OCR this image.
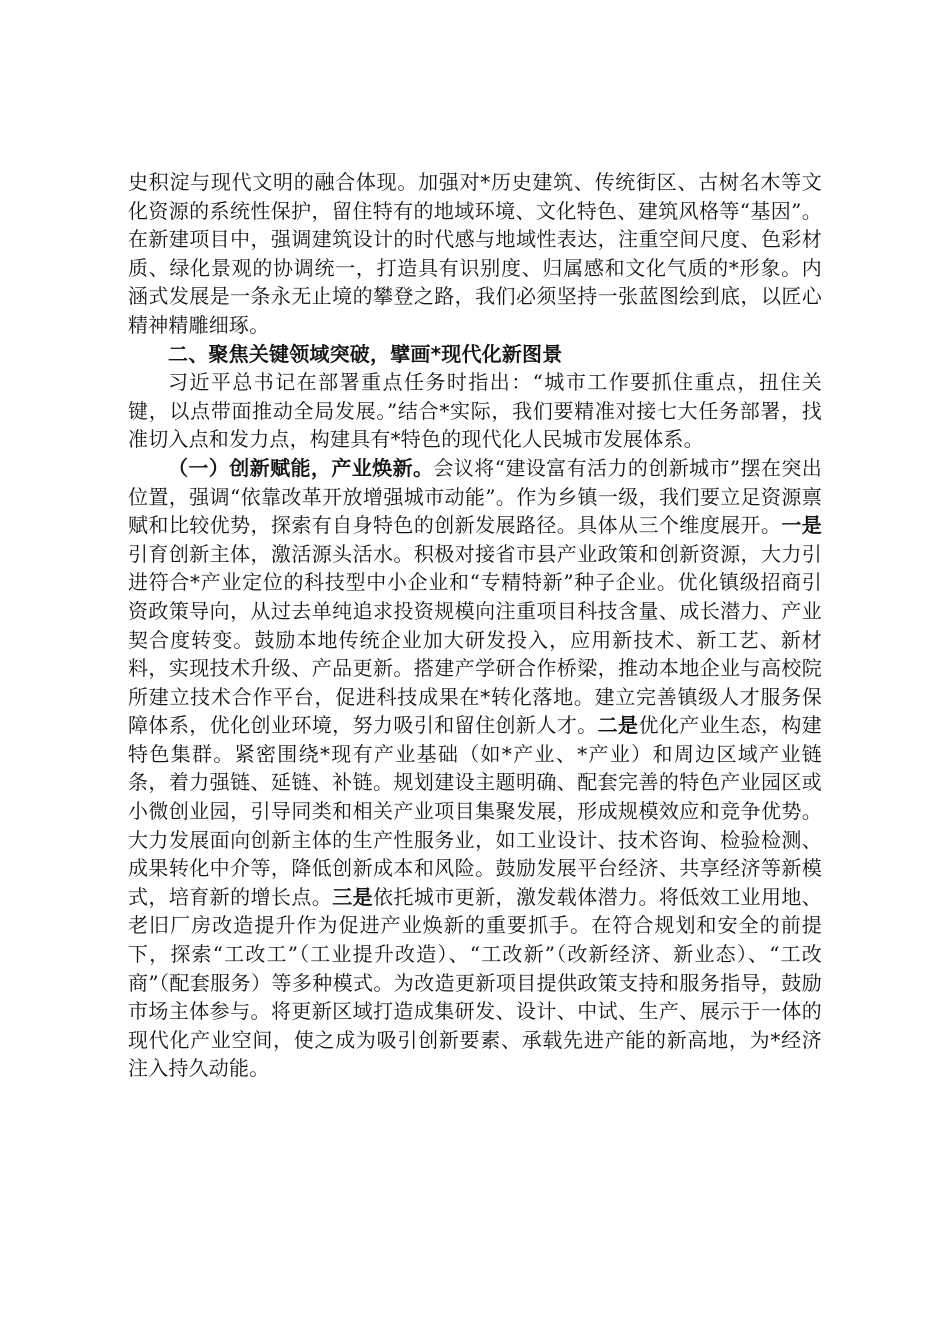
史积淀与现代文明的融合体现。加强对*历史建筑、传统街区、古树名木等文化资源的系统性保护，留住特有的地域环境、文化特色、建筑风格等“基因”。在新建项目中，强调建筑设计的时代感与地域性表达，注重空间尺度、色彩材质、绿化景观的协调统一，打造具有识别度、归属感和文化气质的*形象。内涵式发展是一条永无止境的攀登之路，我们必须坚持一张蓝图绘到底，以匠心精神精雕细琢。

二、聚焦关键领域突破，擘画*现代化新图景

习近平总书记在部署重点任务时指出：“城市工作要抓住重点，扭住关键，以点带面推动全局发展。”结合*实际，我们要精准对接七大任务部署，找准切入点和发力点，构建具有*特色的现代化人民城市发展体系。

（一）创新赋能，产业焕新。会议将“建设富有活力的创新城市”摆在突出位置，强调“依靠改革开放增强城市动能”。作为乡镇一级，我们要立足资源禀赋和比较优势，探索有自身特色的创新发展路径。具体从三个维度展开。一是引育创新主体，激活源头活水。积极对接省市县产业政策和创新资源，大力引进符合*产业定位的科技型中小企业和“专精特新”种子企业。优化镇级招商引资政策导向，从过去单纯追求投资规模向注重项目科技含量、成长潜力、产业契合度转变。鼓励本地传统企业加大研发投入，应用新技术、新工艺、新材料，实现技术升级、产品更新。搭建产学研合作桥梁，推动本地企业与高校院所建立技术合作平台，促进科技成果在*转化落地。建立完善镇级人才服务保障体系，优化创业环境，努力吸引和留住创新人才。二是优化产业生态，构建特色集群。紧密围绕*现有产业基础（如*产业、*产业）和周边区域产业链条，着力强链、延链、补链。规划建设主题明确、配套完善的特色产业园区或小微创业园，引导同类和相关产业项目集聚发展，形成规模效应和竞争优势。大力发展面向创新主体的生产性服务业，如工业设计、技术咨询、检验检测、成果转化中介等，降低创新成本和风险。鼓励发展平台经济、共享经济等新模式，培育新的增长点。三是依托城市更新，激发载体潜力。将低效工业用地、老旧厂房改造提升作为促进产业焕新的重要抓手。在符合规划和安全的前提下，探索“工改工”（工业提升改造）、“工改新”（改新经济、新业态）、“工改商”（配套服务）等多种模式。为改造更新项目提供政策支持和服务指导，鼓励市场主体参与。将更新区域打造成集研发、设计、中试、生产、展示于一体的现代化产业空间，使之成为吸引创新要素、承载先进产能的新高地，为*经济注入持久动能。
